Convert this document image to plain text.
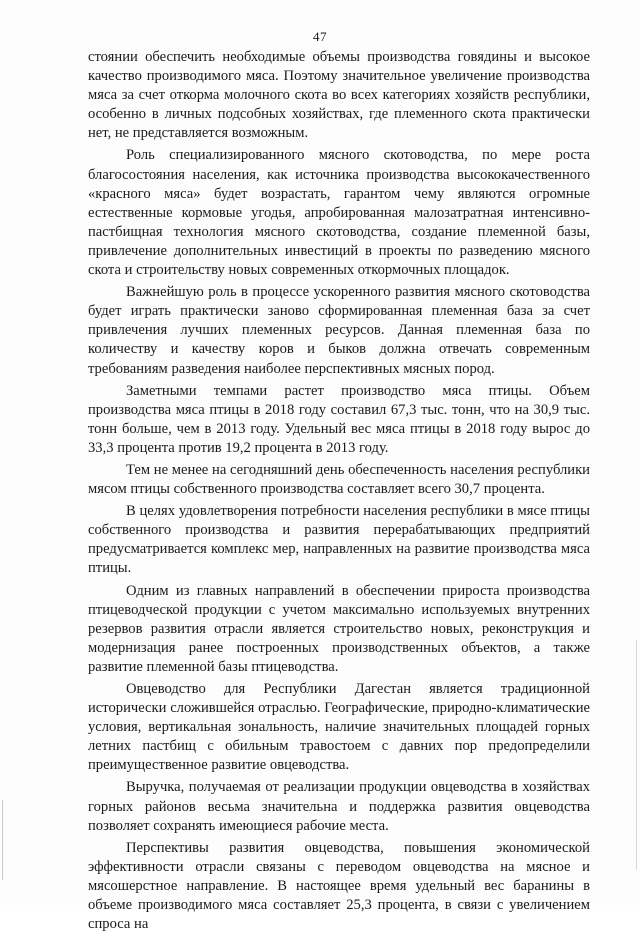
47

стоянии обеспечить необходимые объемы производства говядины и высокое качество производимого мяса. Поэтому значительное увеличение производства мяса за счет откорма молочного скота во всех категориях хозяйств республики, особенно в личных подсобных хозяйствах, где племенного скота практически нет, не представляется возможным.

Роль специализированного мясного скотоводства, по мере роста благосостояния населения, как источника производства высококачественного «красного мяса» будет возрастать, гарантом чему являются огромные естественные кормовые угодья, апробированная малозатратная интенсивно-пастбищная технология мясного скотоводства, создание племенной базы, привлечение дополнительных инвестиций в проекты по разведению мясного скота и строительству новых современных откормочных площадок.

Важнейшую роль в процессе ускоренного развития мясного скотоводства будет играть практически заново сформированная племенная база за счет привлечения лучших племенных ресурсов. Данная племенная база по количеству и качеству коров и быков должна отвечать современным требованиям разведения наиболее перспективных мясных пород.

Заметными темпами растет производство мяса птицы. Объем производства мяса птицы в 2018 году составил 67,3 тыс. тонн, что на 30,9 тыс. тонн больше, чем в 2013 году. Удельный вес мяса птицы в 2018 году вырос до 33,3 процента против 19,2 процента в 2013 году.

Тем не менее на сегодняшний день обеспеченность населения республики мясом птицы собственного производства составляет всего 30,7 процента.

В целях удовлетворения потребности населения республики в мясе птицы собственного производства и развития перерабатывающих предприятий предусматривается комплекс мер, направленных на развитие производства мяса птицы.

Одним из главных направлений в обеспечении прироста производства птицеводческой продукции с учетом максимально используемых внутренних резервов развития отрасли является строительство новых, реконструкция и модернизация ранее построенных производственных объектов, а также развитие племенной базы птицеводства.

Овцеводство для Республики Дагестан является традиционной исторически сложившейся отраслью. Географические, природно-климатические условия, вертикальная зональность, наличие значительных площадей горных летних пастбищ с обильным травостоем с давних пор предопределили преимущественное развитие овцеводства.

Выручка, получаемая от реализации продукции овцеводства в хозяйствах горных районов весьма значительна и поддержка развития овцеводства позволяет сохранять имеющиеся рабочие места.

Перспективы развития овцеводства, повышения экономической эффективности отрасли связаны с переводом овцеводства на мясное и мясошерстное направление. В настоящее время удельный вес баранины в объеме производимого мяса составляет 25,3 процента, в связи с увеличением спроса на
